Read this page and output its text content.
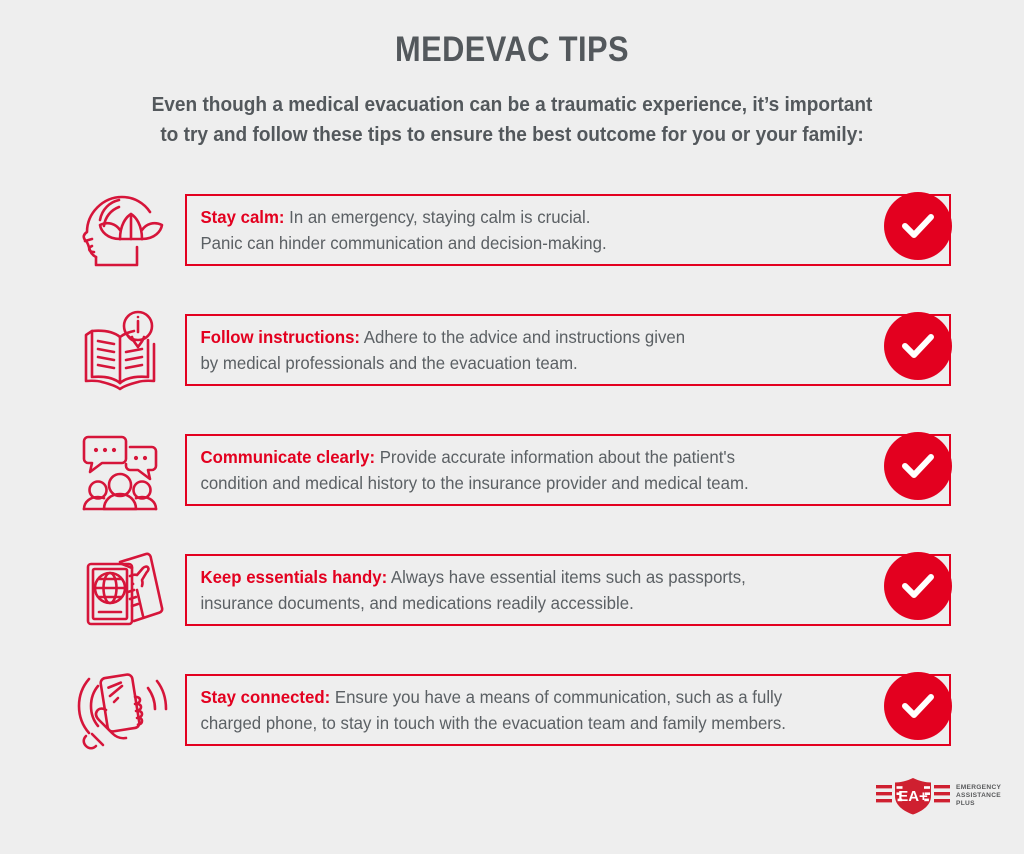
MEDEVAC TIPS
Even though a medical evacuation can be a traumatic experience, it’s important
to try and follow these tips to ensure the best outcome for you or your family:
Stay calm: In an emergency, staying calm is crucial.
Panic can hinder communication and decision-making.
Follow instructions: Adhere to the advice and instructions given
by medical professionals and the evacuation team.
Communicate clearly: Provide accurate information about the patient's
condition and medical history to the insurance provider and medical team.
Keep essentials handy: Always have essential items such as passports,
insurance documents, and medications readily accessible.
Stay connected: Ensure you have a means of communication, such as a fully
charged phone, to stay in touch with the evacuation team and family members.
EA+
EMERGENCY
ASSISTANCE
PLUS
